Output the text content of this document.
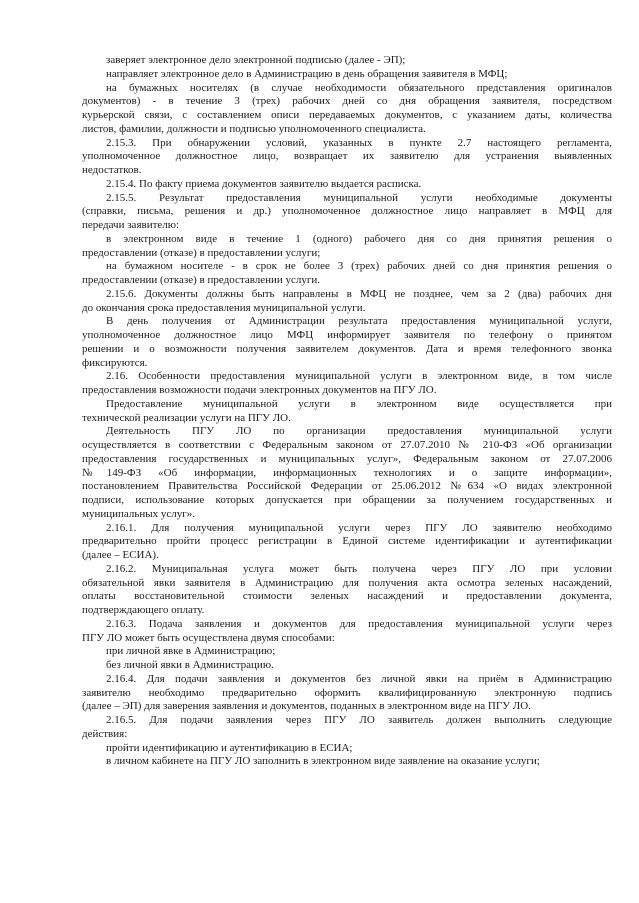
заверяет электронное дело электронной подписью (далее - ЭП);
направляет электронное дело в Администрацию в день обращения заявителя в МФЦ;
на бумажных носителях (в случае необходимости обязательного представления оригиналов
документов) - в течение 3 (трех) рабочих дней со дня обращения заявителя, посредством
курьерской связи, с составлением описи передаваемых документов, с указанием даты, количества
листов, фамилии, должности и подписью уполномоченного специалиста.
2.15.3. При обнаружении условий, указанных в пункте 2.7 настоящего регламента,
уполномоченное должностное лицо, возвращает их заявителю для устранения выявленных
недостатков.
2.15.4. По факту приема документов заявителю выдается расписка.
2.15.5. Результат предоставления муниципальной услуги необходимые документы
(справки, письма, решения и др.) уполномоченное должностное лицо направляет в МФЦ для
передачи заявителю:
в электронном виде в течение 1 (одного) рабочего дня со дня принятия решения о
предоставлении (отказе) в предоставлении услуги;
на бумажном носителе - в срок не более 3 (трех) рабочих дней со дня принятия решения о
предоставлении (отказе) в предоставлении услуги.
2.15.6. Документы должны быть направлены в МФЦ не позднее, чем за 2 (два) рабочих дня
до окончания срока предоставления муниципальной услуги.
В день получения от Администрации результата предоставления муниципальной услуги,
уполномоченное должностное лицо МФЦ информирует заявителя по телефону о принятом
решении и о возможности получения заявителем документов. Дата и время телефонного звонка
фиксируются.
2.16. Особенности предоставления муниципальной услуги в электронном виде, в том числе
предоставления возможности подачи электронных документов на ПГУ ЛО.
Предоставление муниципальной услуги в электронном виде осуществляется при
технической реализации услуги на ПГУ ЛО.
Деятельность ПГУ ЛО по организации предоставления муниципальной услуги
осуществляется в соответствии с Федеральным законом от 27.07.2010 № 210-ФЗ «Об организации
предоставления государственных и муниципальных услуг», Федеральным законом от 27.07.2006
№149-ФЗ «Об информации, информационных технологиях и о защите информации»,
постановлением Правительства Российской Федерации от 25.06.2012 №634 «О видах электронной
подписи, использование которых допускается при обращении за получением государственных и
муниципальных услуг».
2.16.1. Для получения муниципальной услуги через ПГУ ЛО заявителю необходимо
предварительно пройти процесс регистрации в Единой системе идентификации и аутентификации
(далее – ЕСИА).
2.16.2. Муниципальная услуга может быть получена через ПГУ ЛО при условии
обязательной явки заявителя в Администрацию для получения акта осмотра зеленых насаждений,
оплаты восстановительной стоимости зеленых насаждений и предоставлении документа,
подтверждающего оплату.
2.16.3. Подача заявления и документов для предоставления муниципальной услуги через
ПГУ ЛО может быть осуществлена двумя способами:
при личной явке в Администрацию;
без личной явки в Администрацию.
2.16.4. Для подачи заявления и документов без личной явки на приём в Администрацию
заявителю необходимо предварительно оформить квалифицированную электронную подпись
(далее – ЭП) для заверения заявления и документов, поданных в электронном виде на ПГУ ЛО.
2.16.5. Для подачи заявления через ПГУ ЛО заявитель должен выполнить следующие
действия:
пройти идентификацию и аутентификацию в ЕСИА;
в личном кабинете на ПГУ ЛО заполнить в электронном виде заявление на оказание услуги;
